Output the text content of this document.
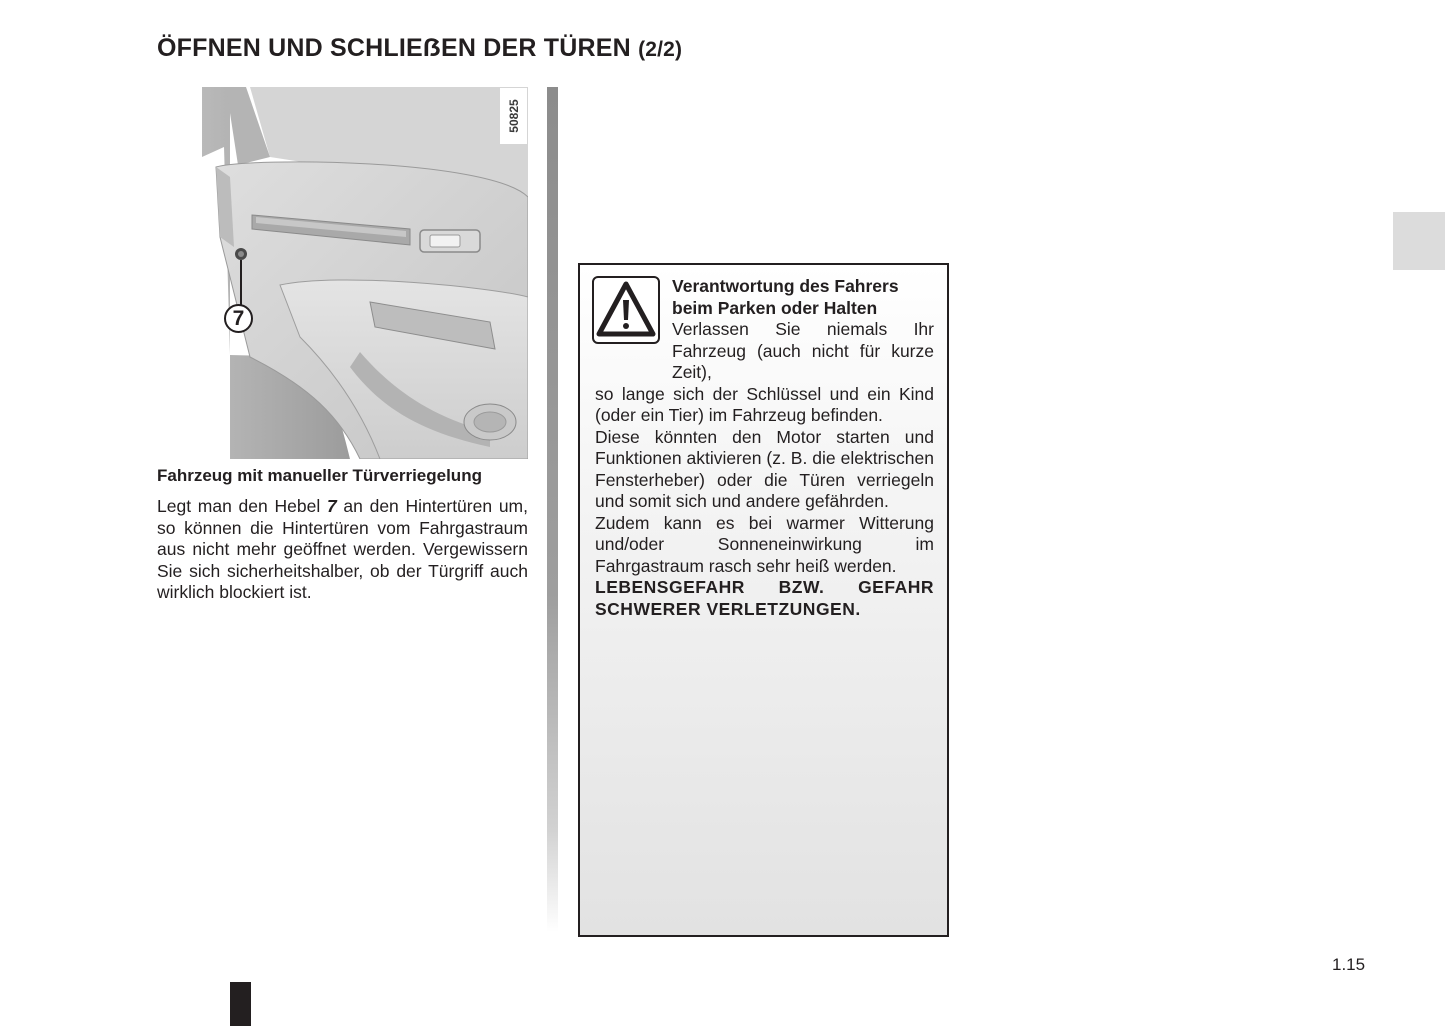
ÖFFNEN UND SCHLIEẞEN DER TÜREN (2/2)
50825
7
Fahrzeug mit manueller Türverriegelung

Legt man den Hebel 7 an den Hintertüren um, so können die Hintertüren vom Fahrgastraum aus nicht mehr geöffnet werden. Vergewissern Sie sich sicherheitshalber, ob der Türgriff auch wirklich blockiert ist.

Verantwortung des Fahrers beim Parken oder Halten

Verlassen Sie niemals Ihr Fahrzeug (auch nicht für kurze Zeit),

so lange sich der Schlüssel und ein Kind (oder ein Tier) im Fahrzeug befinden.

Diese könnten den Motor starten und Funktionen aktivieren (z. B. die elektrischen Fensterheber) oder die Türen verriegeln und somit sich und andere gefährden.

Zudem kann es bei warmer Witterung und/oder Sonneneinwirkung im Fahrgastraum rasch sehr heiß werden.

LEBENSGEFAHR BZW. GEFAHR SCHWERER VERLETZUNGEN.

1.15
